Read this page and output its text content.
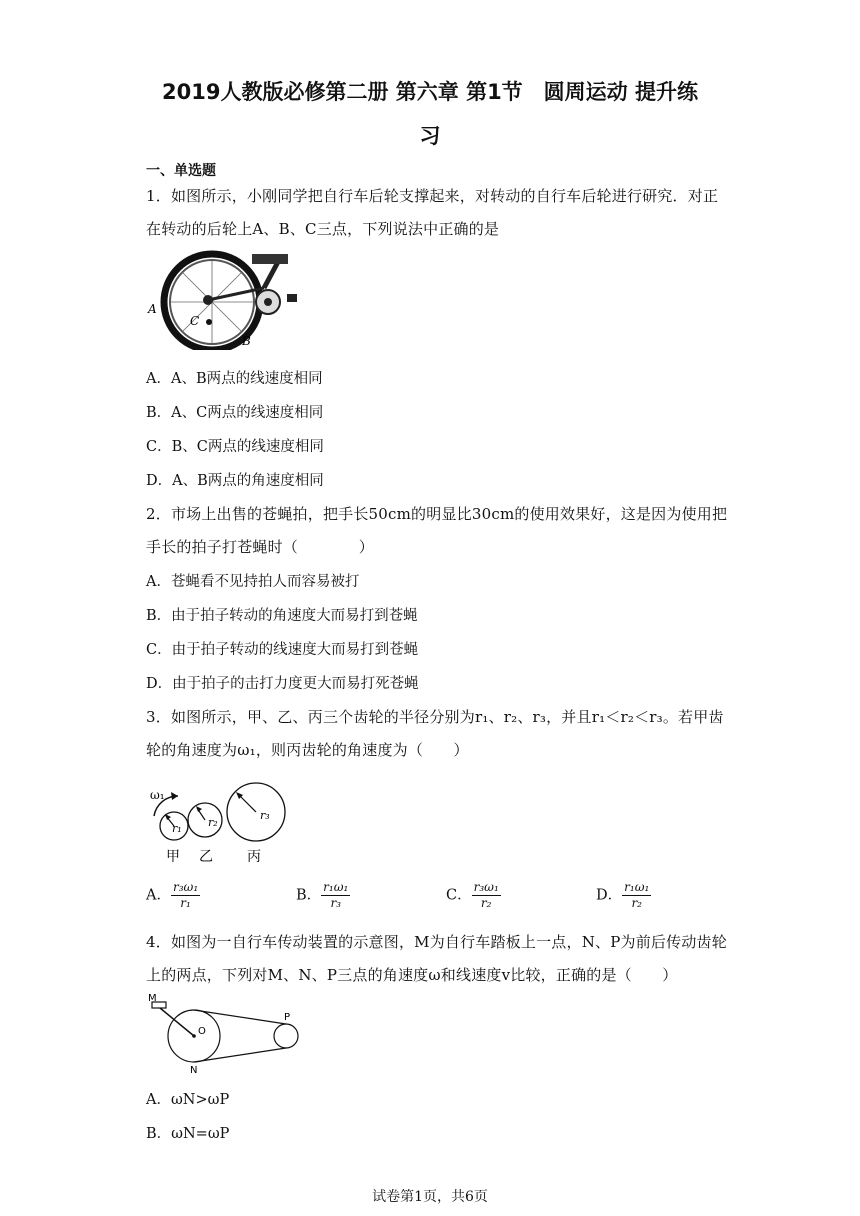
2019人教版必修第二册 第六章 第1节　圆周运动 提升练
习
一、单选题
1．如图所示，小刚同学把自行车后轮支撑起来，对转动的自行车后轮进行研究．对正
在转动的后轮上A、B、C三点，下列说法中正确的是
A
C
B
A．A、B两点的线速度相同
B．A、C两点的线速度相同
C．B、C两点的线速度相同
D．A、B两点的角速度相同
2．市场上出售的苍蝇拍，把手长50cm的明显比30cm的使用效果好，这是因为使用把
手长的拍子打苍蝇时（　　　　）
A．苍蝇看不见持拍人而容易被打
B．由于拍子转动的角速度大而易打到苍蝇
C．由于拍子转动的线速度大而易打到苍蝇
D．由于拍子的击打力度更大而易打死苍蝇
3．如图所示，甲、乙、丙三个齿轮的半径分别为r₁、r₂、r₃，并且r₁＜r₂＜r₃。若甲齿
轮的角速度为ω₁，则丙齿轮的角速度为（　　）
ω₁
r₁ r₂
r₃
甲 乙 丙
A． $\frac{\text{r₃ω₁}}{\text{r₁}}$	B． $\frac{\text{r₁ω₁}}{\text{r₃}}$	C． $\frac{\text{r₃ω₁}}{\text{r₂}}$	D． $\frac{\text{r₁ω₁}}{\text{r₂}}$
4．如图为一自行车传动装置的示意图，M为自行车踏板上一点，N、P为前后传动齿轮
上的两点，下列对M、N、P三点的角速度ω和线速度v比较，正确的是（　　）
M
O
N
P
A．ωN>ωP
B．ωN=ωP
试卷第1页，共6页
